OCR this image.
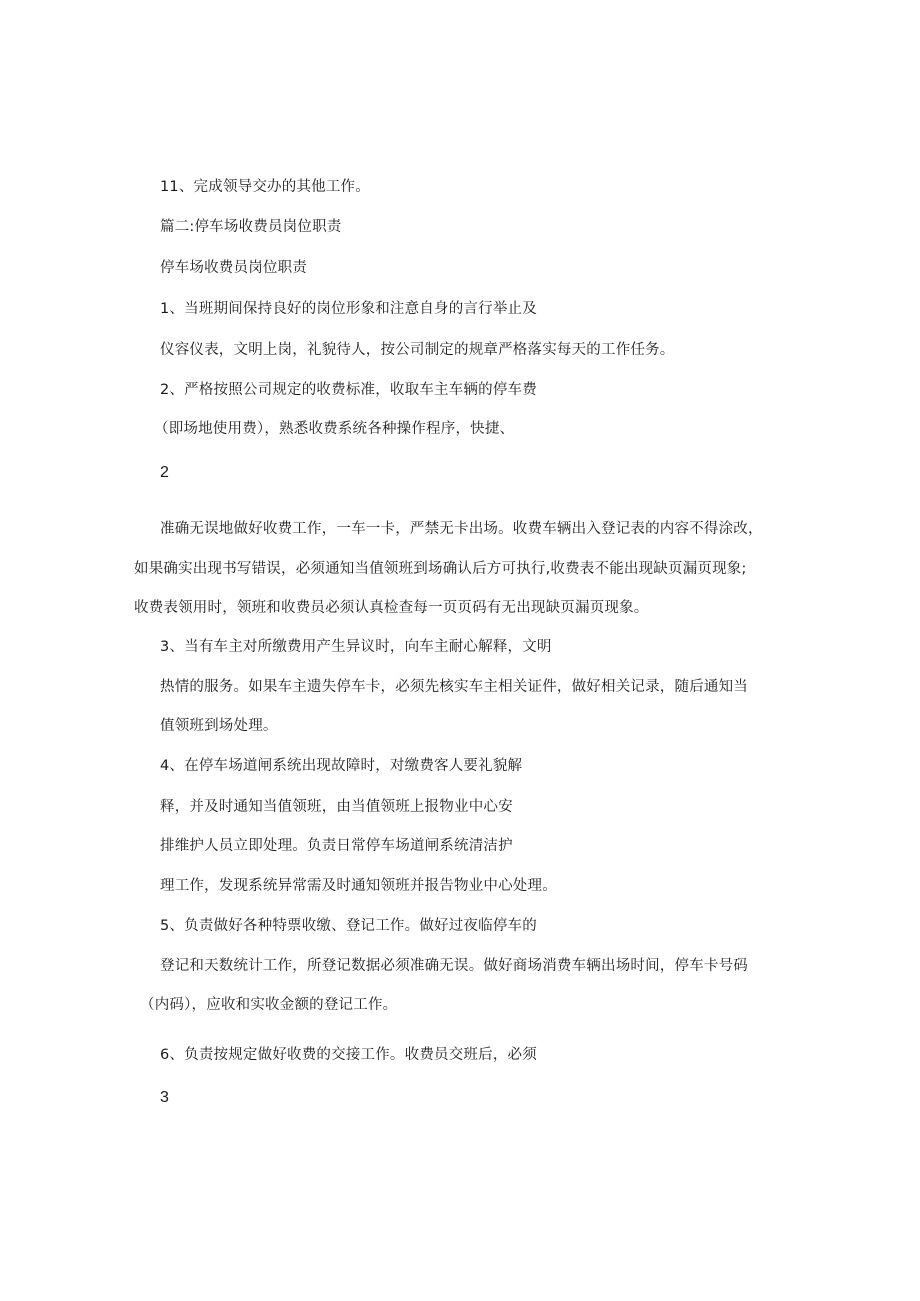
11、完成领导交办的其他工作。

篇二:停车场收费员岗位职责

停车场收费员岗位职责

1、当班期间保持良好的岗位形象和注意自身的言行举止及

仪容仪表，文明上岗，礼貌待人，按公司制定的规章严格落实每天的工作任务。

2、严格按照公司规定的收费标准，收取车主车辆的停车费

（即场地使用费），熟悉收费系统各种操作程序，快捷、

2

准确无误地做好收费工作，一车一卡，严禁无卡出场。收费车辆出入登记表的内容不得涂改，

如果确实出现书写错误，必须通知当值领班到场确认后方可执行,收费表不能出现缺页漏页现象;

收费表领用时，领班和收费员必须认真检查每一页页码有无出现缺页漏页现象。

3、当有车主对所缴费用产生异议时，向车主耐心解释，文明

热情的服务。如果车主遗失停车卡，必须先核实车主相关证件，做好相关记录，随后通知当

值领班到场处理。

4、在停车场道闸系统出现故障时，对缴费客人要礼貌解

释，并及时通知当值领班，由当值领班上报物业中心安

排维护人员立即处理。负责日常停车场道闸系统清洁护

理工作，发现系统异常需及时通知领班并报告物业中心处理。

5、负责做好各种特票收缴、登记工作。做好过夜临停车的

登记和天数统计工作，所登记数据必须准确无误。做好商场消费车辆出场时间，停车卡号码

（内码），应收和实收金额的登记工作。

6、负责按规定做好收费的交接工作。收费员交班后，必须

3
